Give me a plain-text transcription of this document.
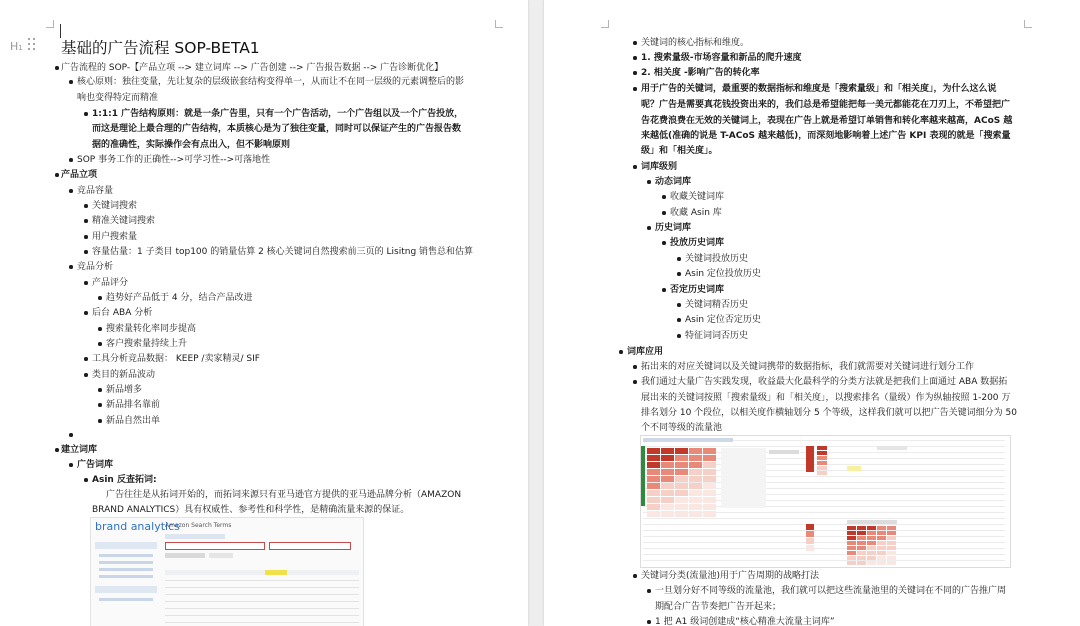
H1 基础的广告流程 SOP-BETA1
广告流程的 SOP-【产品立项 --> 建立词库 --> 广告创建 --> 广告报告数据 --> 广告诊断优化】
核心原则：独往变量，先让复杂的层级嵌套结构变得单一，从而让不在同一层级的元素调整后的影
响也变得特定而精准
1:1:1 广告结构原则：就是一条广告里，只有一个广告活动，一个广告组以及一个广告投放，
而这是理论上最合理的广告结构，本质核心是为了独往变量，同时可以保证产生的广告报告数
据的准确性，实际操作会有点出入，但不影响原则
SOP 事务工作的正确性-->可学习性-->可落地性
产品立项
竞品容量
关键词搜索
精准关键词搜索
用户搜索量
容量估量：1 子类目 top100 的销量估算 2 核心关键词自然搜索前三页的 Lisitng 销售总和估算
竞品分析
产品评分
趋势好产品低于 4 分，结合产品改进
后台 ABA 分析
搜索量转化率同步提高
客户搜索量持续上升
工具分析竞品数据： KEEP /卖家精灵/ SIF
类目的新品波动
新品增多
新品排名靠前
新品自然出单
建立词库
广告词库
Asin 反查拓词:
广告往往是从拓词开始的，而拓词来源只有亚马逊官方提供的亚马逊品牌分析（AMAZON
BRAND ANALYTICS）具有权威性、参考性和科学性，是精确流量来源的保证。
brand analytics
Amazon Search Terms
关键词的核心指标和维度。
1. 搜索量级-市场容量和新品的爬升速度
2. 相关度 -影响广告的转化率
用于广告的关键词，最重要的数据指标和维度是「搜索量级」和「相关度」，为什么这么说
呢？广告是需要真花钱投资出来的，我们总是希望能把每一美元都能花在刀刃上，不希望把广
告花费浪费在无效的关键词上，表现在广告上就是希望订单销售和转化率越来越高，ACoS 越
来越低(准确的说是 T-ACoS 越来越低)，而深刻地影响着上述广告 KPI 表现的就是「搜索量
级」和「相关度」。
词库级别
动态词库
收藏关键词库
收藏 Asin 库
历史词库
投放历史词库
关键词投放历史
Asin 定位投放历史
否定历史词库
关键词精否历史
Asin 定位否定历史
特征词词否历史
词库应用
拓出来的对应关键词以及关键词携带的数据指标，我们就需要对关键词进行划分工作
我们通过大量广告实践发现，收益最大化最科学的分类方法就是把我们上面通过 ABA 数据拓
展出来的关键词按照「搜索量级」和「相关度」，以搜索排名（量级）作为纵轴按照 1-200 万
排名划分 10 个段位，以相关度作横轴划分 5 个等级，这样我们就可以把广告关键词细分为 50
个不同等级的流量池
关键词分类(流量池)用于广告周期的战略打法
一旦划分好不同等级的流量池，我们就可以把这些流量池里的关键词在不同的广告推广周
期配合广告节奏把广告开起来；
1 把 A1 级词创建成“核心精准大流量主词库”
